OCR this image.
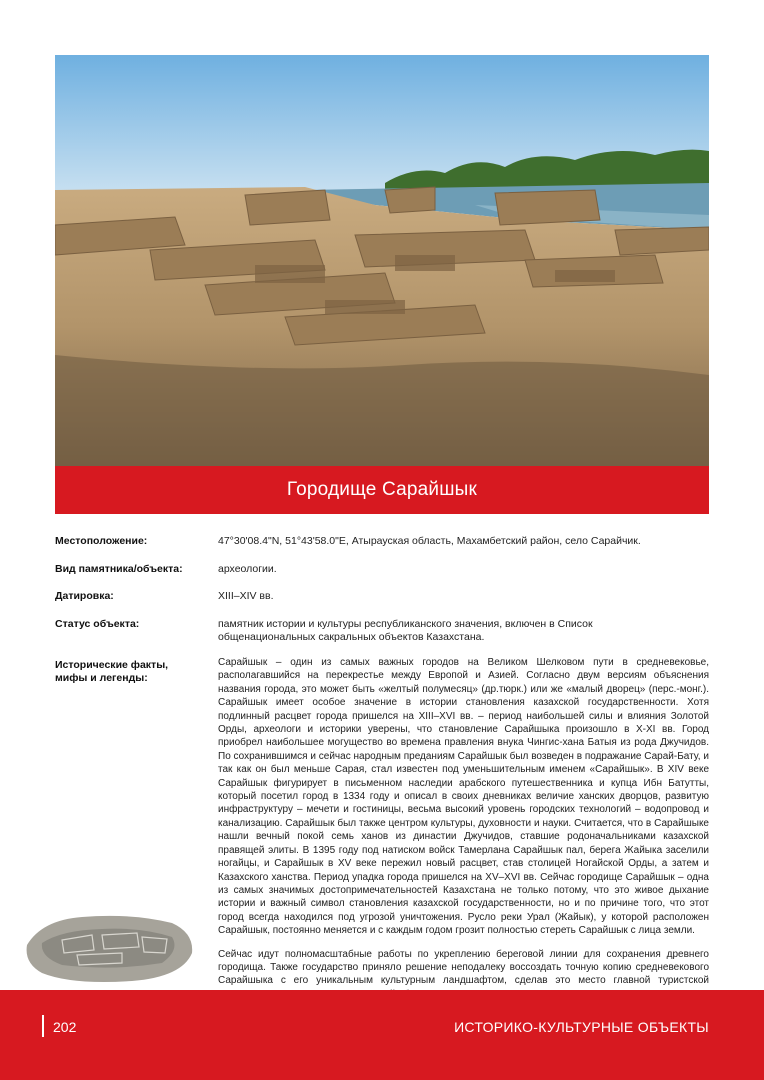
Городище Сарайшык
Местоположение:	47°30'08.4"N, 51°43'58.0"E, Атырауская область, Махамбетский район, село Сарайчик.
Вид памятника/объекта:	археологии.
Датировка:	XIII–XIV вв.
Статус объекта:	памятник истории и культуры республиканского значения, включен в Список общенациональных сакральных объектов Казахстана.
Исторические факты, мифы и легенды:

Сарайшык – один из самых важных городов на Великом Шелковом пути в средневековье, располагавшийся на перекрестье между Европой и Азией. Согласно двум версиям объяснения названия города, это может быть «желтый полумесяц» (др.тюрк.) или же «малый дворец» (перс.-монг.). Сарайшык имеет особое значение в истории становления казахской государственности. Хотя подлинный расцвет города пришелся на XIII–XVI вв. – период наибольшей силы и влияния Золотой Орды, археологи и историки уверены, что становление Сарайшыка произошло в X-XI вв. Город приобрел наибольшее могущество во времена правления внука Чингис-хана Батыя из рода Джучидов. По сохранившимся и сейчас народным преданиям Сарайшык был возведен в подражание Сарай-Бату, и так как он был меньше Сарая, стал известен под уменьшительным именем «Сарайшык». В XIV веке Сарайшык фигурирует в письменном наследии арабского путешественника и купца Ибн Батутты, который посетил город в 1334 году и описал в своих дневниках величие ханских дворцов, развитую инфраструктуру – мечети и гостиницы, весьма высокий уровень городских технологий – водопровод и канализацию. Сарайшык был также центром культуры, духовности и науки. Считается, что в Сарайшыке нашли вечный покой семь ханов из династии Джучидов, ставшие родоначальниками казахской правящей элиты. В 1395 году под натиском войск Тамерлана Сарайшык пал, берега Жайыка заселили ногайцы, и Сарайшык в XV веке пережил новый расцвет, став столицей Ногайской Орды, а затем и Казахского ханства. Период упадка города пришелся на XV–XVI вв. Сейчас городище Сарайшык – одна из самых значимых достопримечательностей Казахстана не только потому, что это живое дыхание истории и важный символ становления казахской государственности, но и по причине того, что этот город всегда находился под угрозой уничтожения. Русло реки Урал (Жайык), у которой расположен Сарайшык, постоянно меняется и с каждым годом грозит полностью стереть Сарайшык с лица земли.

Сейчас идут полномасштабные работы по укреплению береговой линии для сохранения древнего городища. Также государство приняло решение неподалеку воссоздать точную копию средневекового Сарайшыка с его уникальным культурным ландшафтом, сделав это место главной туристской

202	ИСТОРИКО-КУЛЬТУРНЫЕ ОБЪЕКТЫ
